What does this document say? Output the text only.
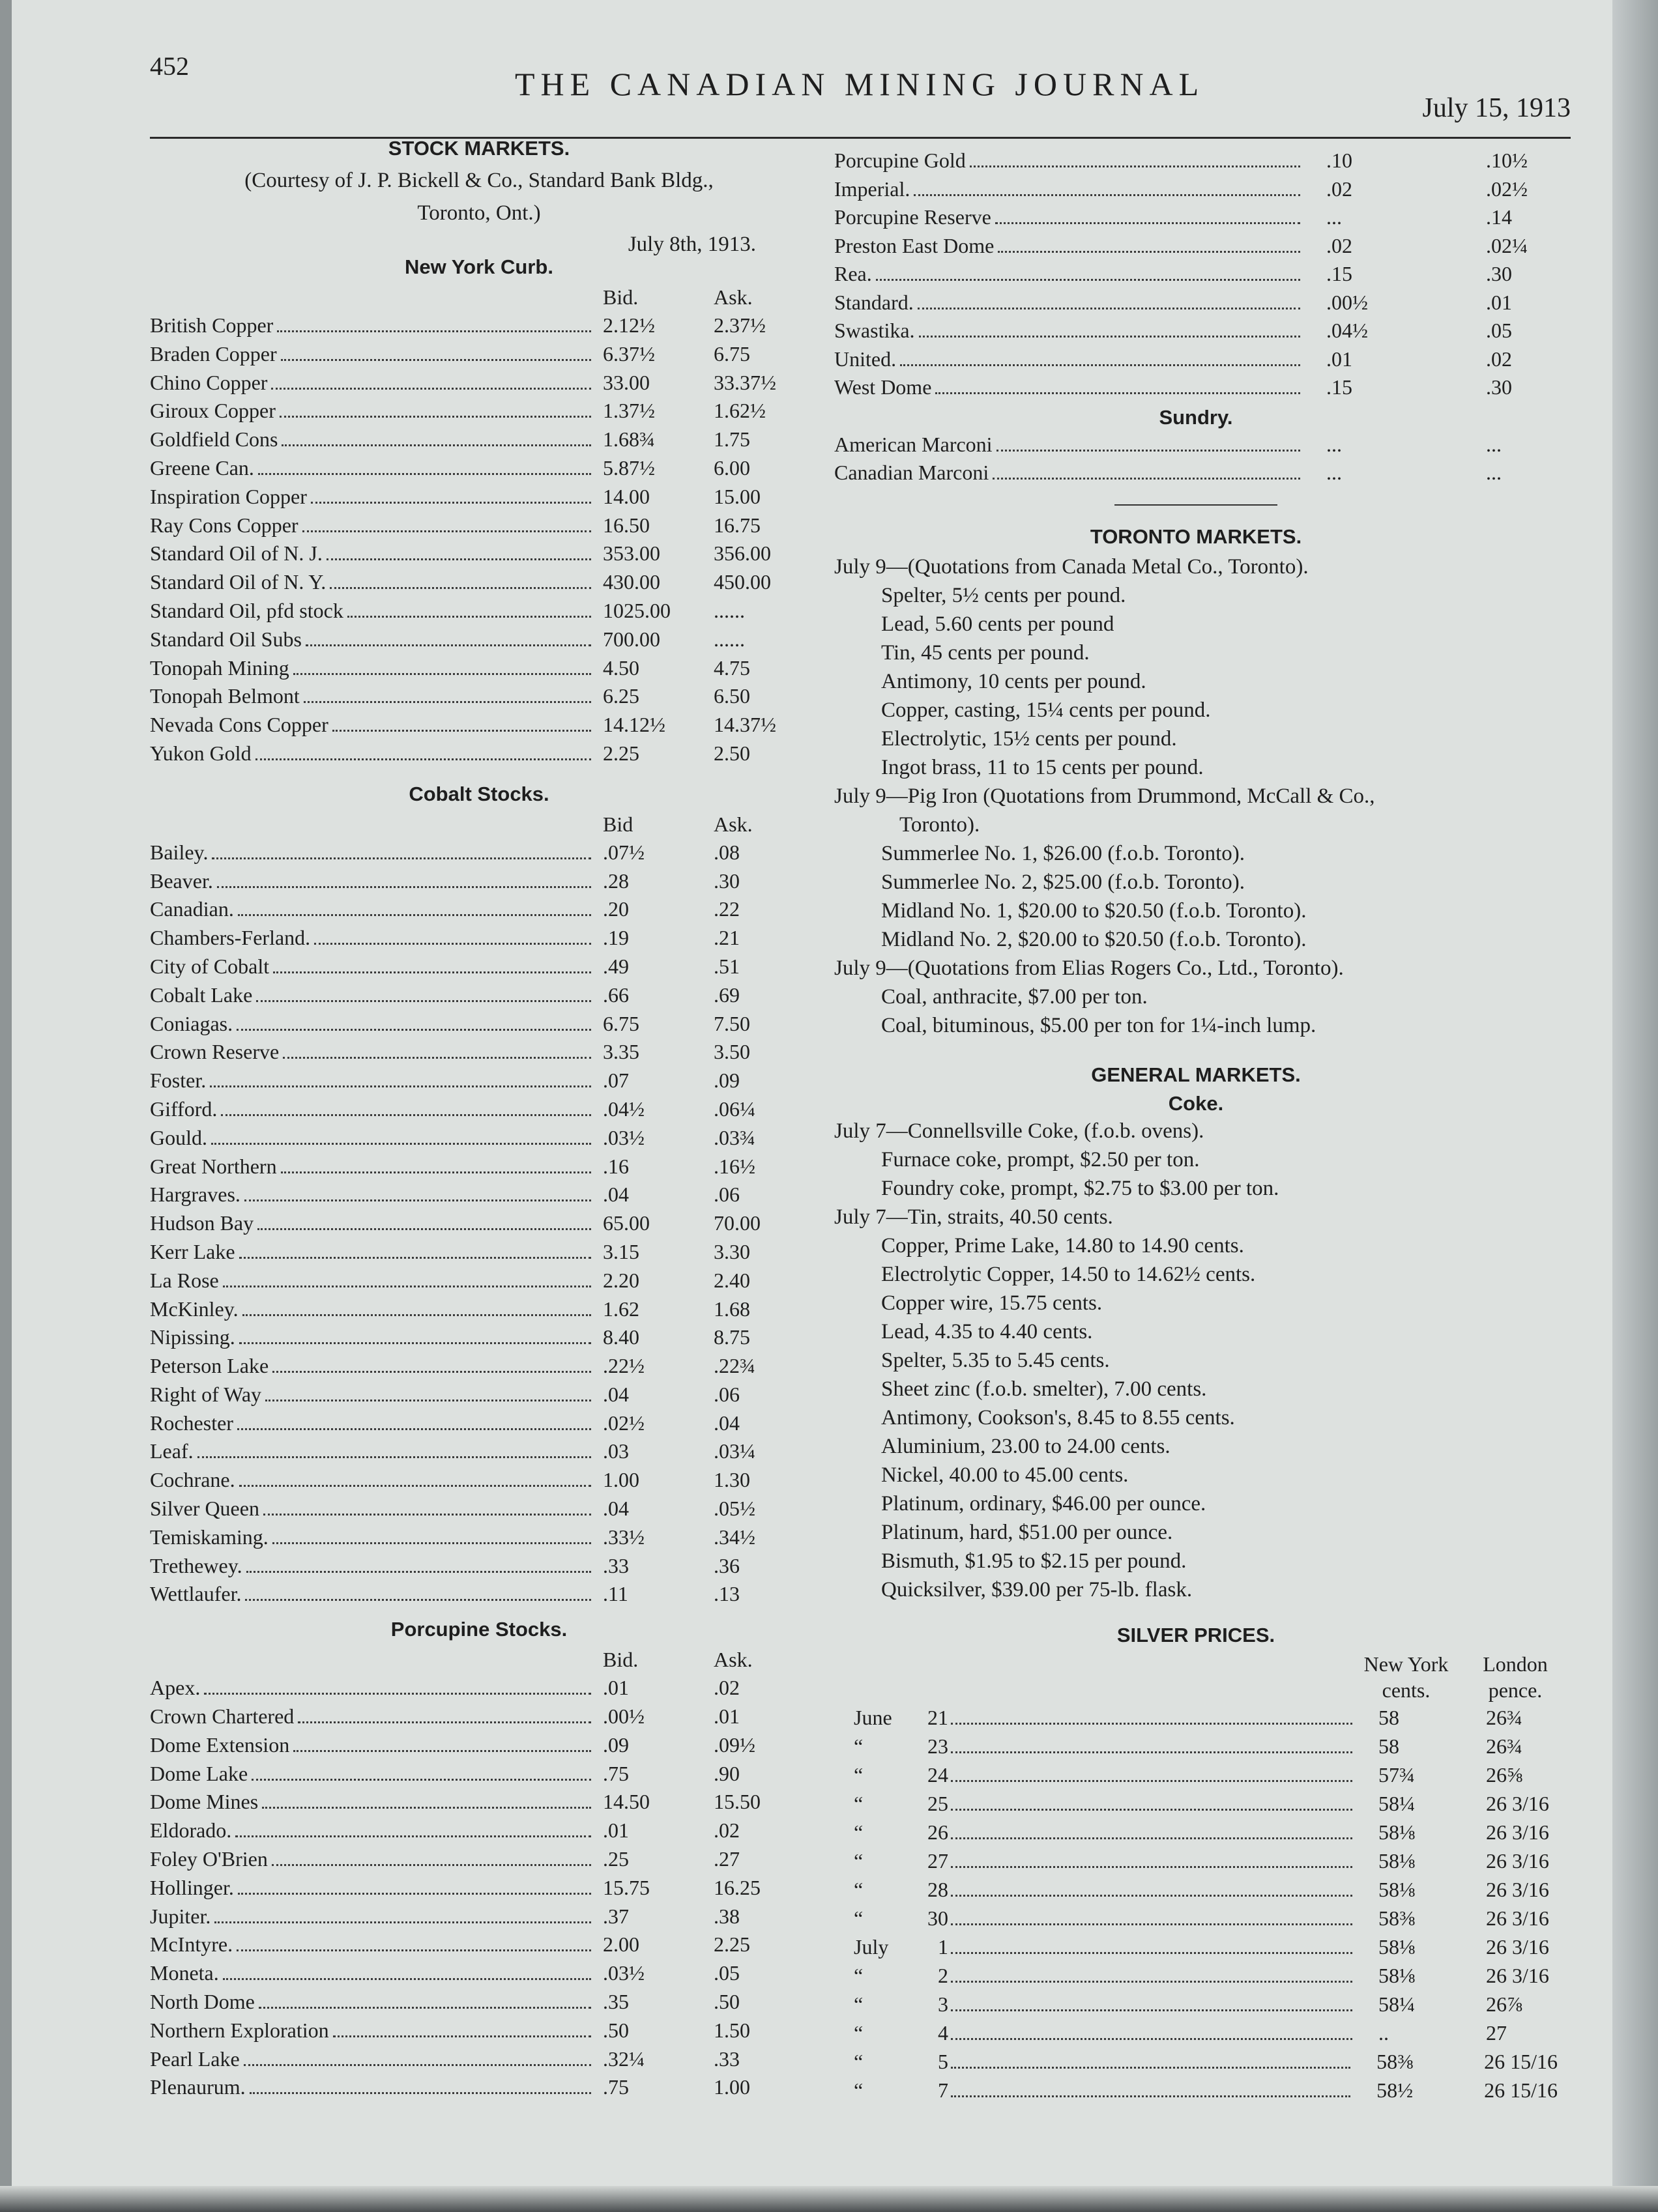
452	THE CANADIAN MINING JOURNAL
July 15, 1913
STOCK MARKETS.
(Courtesy of J. P. Bickell & Co., Standard Bank Bldg.,
Toronto, Ont.)
July 8th, 1913.
New York Curb.
Bid.	Ask.
British Copper	2.12½	2.37½
Braden Copper	6.37½	6.75
Chino Copper	33.00	33.37½
Giroux Copper	1.37½	1.62½
Goldfield Cons	1.68¾	1.75
Greene Can.	5.87½	6.00
Inspiration Copper	14.00	15.00
Ray Cons Copper	16.50	16.75
Standard Oil of N. J.	353.00	356.00
Standard Oil of N. Y.	430.00	450.00
Standard Oil, pfd stock	1025.00	......
Standard Oil Subs	700.00	......
Tonopah Mining	4.50	4.75
Tonopah Belmont	6.25	6.50
Nevada Cons Copper	14.12½	14.37½
Yukon Gold	2.25	2.50
Cobalt Stocks.
Bid	Ask.
Bailey.	.07½	.08
Beaver.	.28	.30
Canadian.	.20	.22
Chambers-Ferland.	.19	.21
City of Cobalt	.49	.51
Cobalt Lake	.66	.69
Coniagas.	6.75	7.50
Crown Reserve	3.35	3.50
Foster.	.07	.09
Gifford.	.04½	.06¼
Gould.	.03½	.03¾
Great Northern	.16	.16½
Hargraves.	.04	.06
Hudson Bay	65.00	70.00
Kerr Lake	3.15	3.30
La Rose	2.20	2.40
McKinley.	1.62	1.68
Nipissing.	8.40	8.75
Peterson Lake	.22½	.22¾
Right of Way	.04	.06
Rochester	.02½	.04
Leaf.	.03	.03¼
Cochrane.	1.00	1.30
Silver Queen	.04	.05½
Temiskaming.	.33½	.34½
Trethewey.	.33	.36
Wettlaufer.	.11	.13
Porcupine Stocks.
Bid.	Ask.
Apex.	.01	.02
Crown Chartered	.00½	.01
Dome Extension	.09	.09½
Dome Lake	.75	.90
Dome Mines	14.50	15.50
Eldorado.	.01	.02
Foley O'Brien	.25	.27
Hollinger.	15.75	16.25
Jupiter.	.37	.38
McIntyre.	2.00	2.25
Moneta.	.03½	.05
North Dome	.35	.50
Northern Exploration	.50	1.50
Pearl Lake	.32¼	.33
Plenaurum.	.75	1.00
Porcupine Gold	.10	.10½
Imperial.	.02	.02½
Porcupine Reserve	...	.14
Preston East Dome	.02	.02¼
Rea.	.15	.30
Standard.	.00½	.01
Swastika.	.04½	.05
United.	.01	.02
West Dome	.15	.30
Sundry.
American Marconi	...	...
Canadian Marconi	...	...
TORONTO MARKETS.
July 9—(Quotations from Canada Metal Co., Toronto).
Spelter, 5½ cents per pound.
Lead, 5.60 cents per pound
Tin, 45 cents per pound.
Antimony, 10 cents per pound.
Copper, casting, 15¼ cents per pound.
Electrolytic, 15½ cents per pound.
Ingot brass, 11 to 15 cents per pound.
July 9—Pig Iron (Quotations from Drummond, McCall & Co.,
Toronto).
Summerlee No. 1, $26.00 (f.o.b. Toronto).
Summerlee No. 2, $25.00 (f.o.b. Toronto).
Midland No. 1, $20.00 to $20.50 (f.o.b. Toronto).
Midland No. 2, $20.00 to $20.50 (f.o.b. Toronto).
July 9—(Quotations from Elias Rogers Co., Ltd., Toronto).
Coal, anthracite, $7.00 per ton.
Coal, bituminous, $5.00 per ton for 1¼-inch lump.
GENERAL MARKETS.
Coke.
July 7—Connellsville Coke, (f.o.b. ovens).
Furnace coke, prompt, $2.50 per ton.
Foundry coke, prompt, $2.75 to $3.00 per ton.
July 7—Tin, straits, 40.50 cents.
Copper, Prime Lake, 14.80 to 14.90 cents.
Electrolytic Copper, 14.50 to 14.62½ cents.
Copper wire, 15.75 cents.
Lead, 4.35 to 4.40 cents.
Spelter, 5.35 to 5.45 cents.
Sheet zinc (f.o.b. smelter), 7.00 cents.
Antimony, Cookson's, 8.45 to 8.55 cents.
Aluminium, 23.00 to 24.00 cents.
Nickel, 40.00 to 45.00 cents.
Platinum, ordinary, $46.00 per ounce.
Platinum, hard, $51.00 per ounce.
Bismuth, $1.95 to $2.15 per pound.
Quicksilver, $39.00 per 75-lb. flask.
SILVER PRICES.
New York	London
cents.	pence.
June	21	58	26¾
“	23	58	26¾
“	24	57¾	26⅝
“	25	58¼	26 3/16
“	26	58⅛	26 3/16
“	27	58⅛	26 3/16
“	28	58⅛	26 3/16
“	30	58⅜	26 3/16
July	1	58⅛	26 3/16
“	2	58⅛	26 3/16
“	3	58¼	26⅞
“	4	..	27
“	5	58⅜	26 15/16
“	7	58½	26 15/16
